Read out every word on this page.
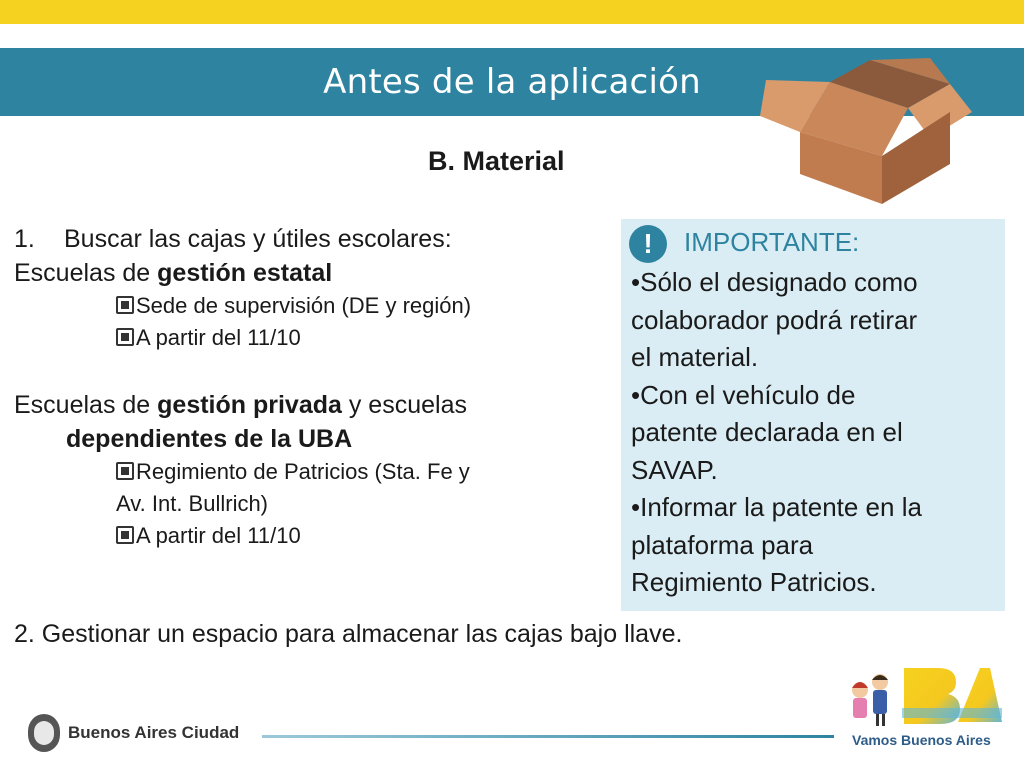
Antes de la aplicación
B. Material
1.	Buscar las cajas y útiles escolares:
Escuelas de gestión estatal
Sede de supervisión (DE y región)
A partir del 11/10
Escuelas de gestión privada y escuelas
dependientes de la UBA
Regimiento de Patricios (Sta. Fe y
Av. Int. Bullrich)
A partir del 11/10
2. Gestionar un espacio para almacenar las cajas bajo llave.
!	IMPORTANTE:
•Sólo el designado como
colaborador podrá retirar
el material.
•Con el vehículo de
patente declarada en el
SAVAP.
•Informar la patente en la
plataforma para
Regimiento Patricios.
Buenos Aires Ciudad	Vamos Buenos Aires
